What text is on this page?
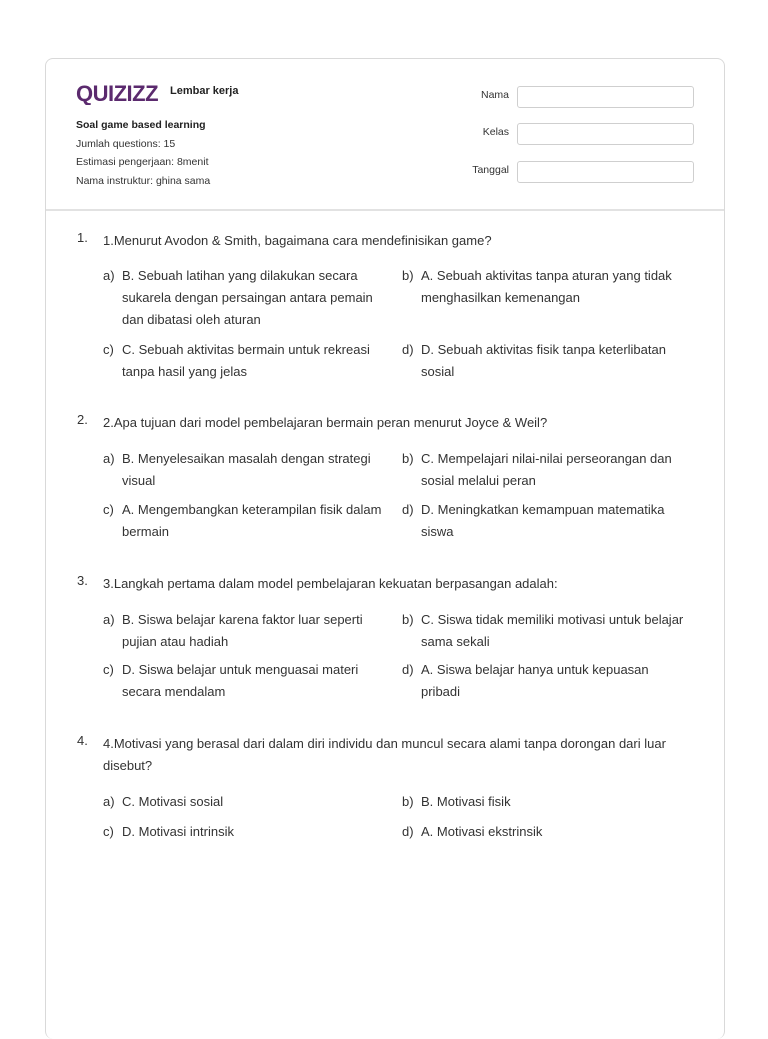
QUIZIZZ Lembar kerja
Soal game based learning
Jumlah questions: 15
Estimasi pengerjaan: 8menit
Nama instruktur: ghina sama
Nama
Kelas
Tanggal
1. 1.Menurut Avodon & Smith, bagaimana cara mendefinisikan game?
a) B. Sebuah latihan yang dilakukan secara sukarela dengan persaingan antara pemain dan dibatasi oleh aturan
b) A. Sebuah aktivitas tanpa aturan yang tidak menghasilkan kemenangan
c) C. Sebuah aktivitas bermain untuk rekreasi tanpa hasil yang jelas
d) D. Sebuah aktivitas fisik tanpa keterlibatan sosial
2. 2.Apa tujuan dari model pembelajaran bermain peran menurut Joyce & Weil?
a) B. Menyelesaikan masalah dengan strategi visual
b) C. Mempelajari nilai-nilai perseorangan dan sosial melalui peran
c) A. Mengembangkan keterampilan fisik dalam bermain
d) D. Meningkatkan kemampuan matematika siswa
3. 3.Langkah pertama dalam model pembelajaran kekuatan berpasangan adalah:
a) B. Siswa belajar karena faktor luar seperti pujian atau hadiah
b) C. Siswa tidak memiliki motivasi untuk belajar sama sekali
c) D. Siswa belajar untuk menguasai materi secara mendalam
d) A. Siswa belajar hanya untuk kepuasan pribadi
4. 4.Motivasi yang berasal dari dalam diri individu dan muncul secara alami tanpa dorongan dari luar disebut?
a) C. Motivasi sosial	b) B. Motivasi fisik
c) D. Motivasi intrinsik	d) A. Motivasi ekstrinsik
